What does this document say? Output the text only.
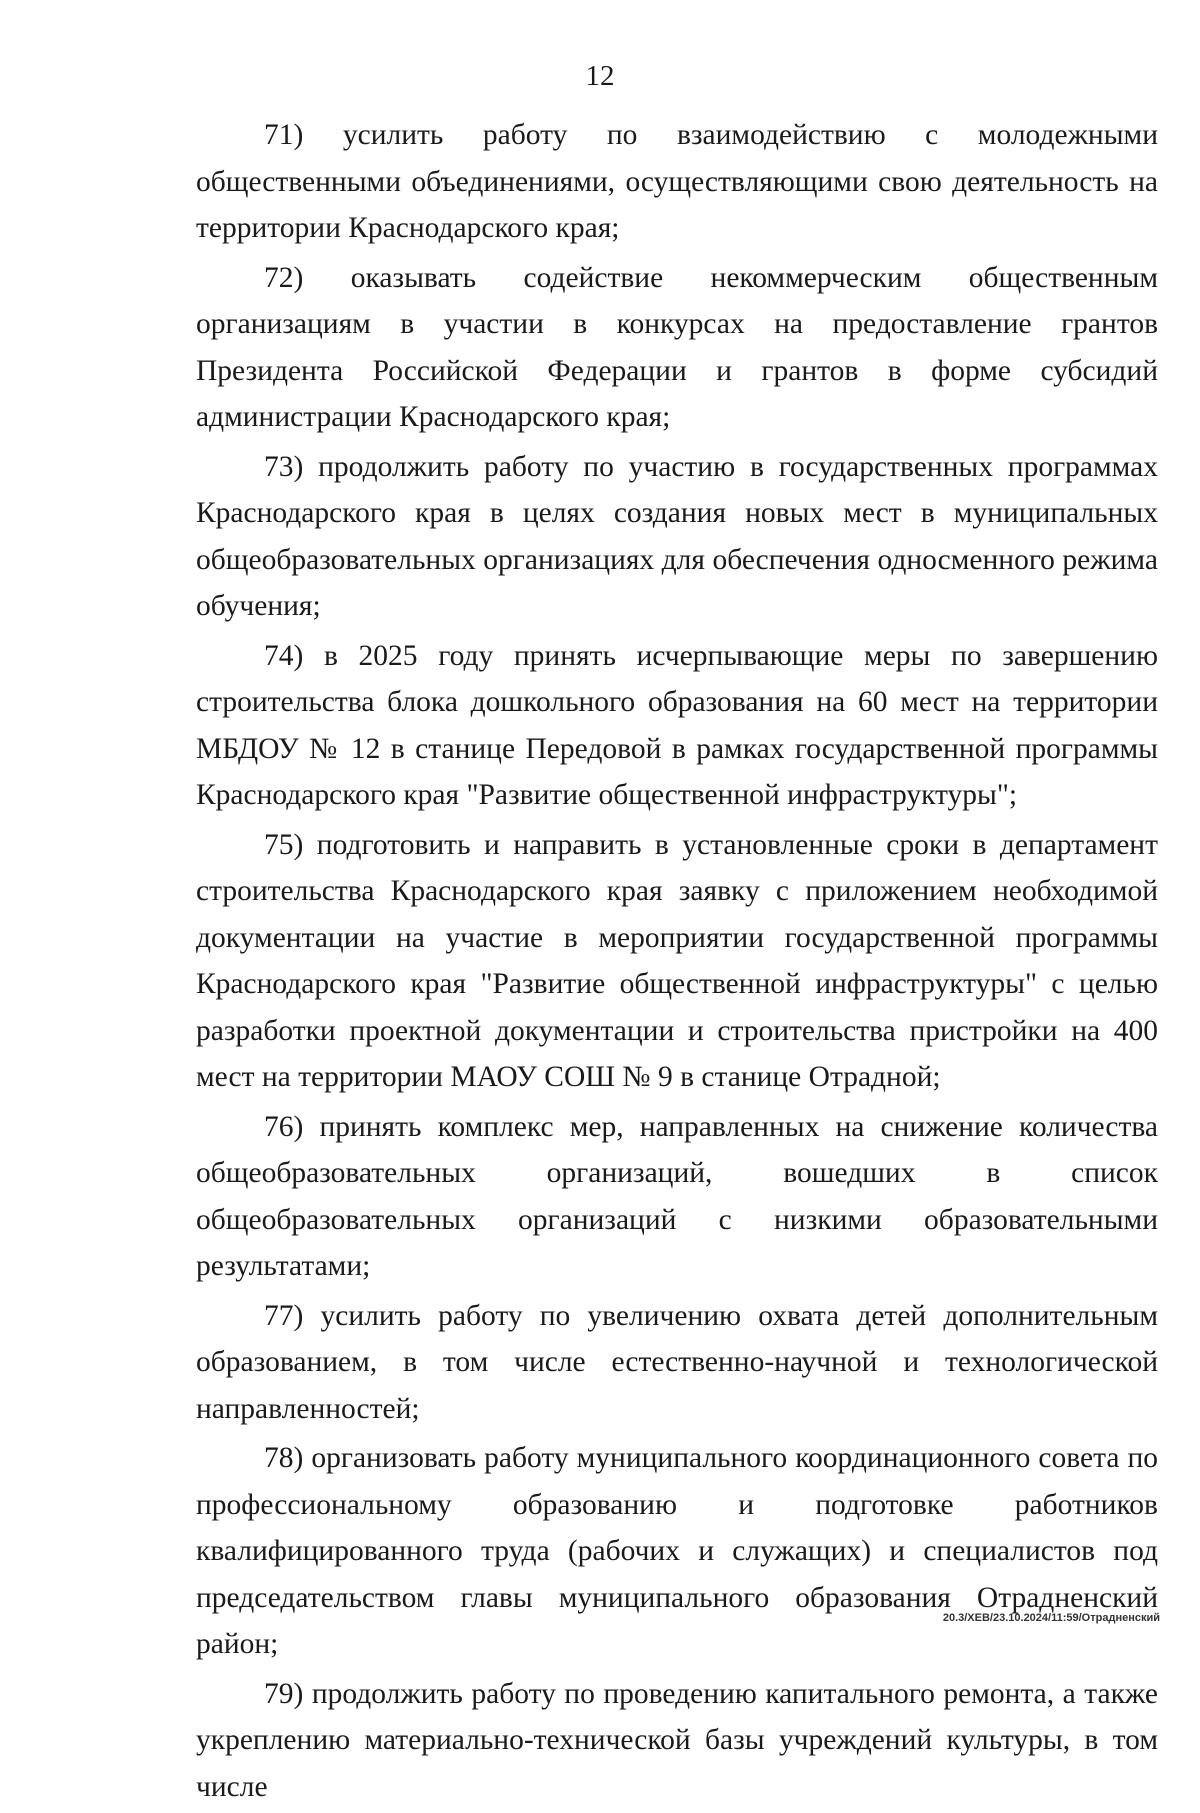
12

71) усилить работу по взаимодействию с молодежными общественными объединениями, осуществляющими свою деятельность на территории Краснодарского края;

72) оказывать содействие некоммерческим общественным организациям в участии в конкурсах на предоставление грантов Президента Российской Федерации и грантов в форме субсидий администрации Краснодарского края;

73) продолжить работу по участию в государственных программах Краснодарского края в целях создания новых мест в муниципальных общеобразовательных организациях для обеспечения односменного режима обучения;

74) в 2025 году принять исчерпывающие меры по завершению строительства блока дошкольного образования на 60 мест на территории МБДОУ № 12 в станице Передовой в рамках государственной программы Краснодарского края "Развитие общественной инфраструктуры";

75) подготовить и направить в установленные сроки в департамент строительства Краснодарского края заявку с приложением необходимой документации на участие в мероприятии государственной программы Краснодарского края "Развитие общественной инфраструктуры" с целью разработки проектной документации и строительства пристройки на 400 мест на территории МАОУ СОШ № 9 в станице Отрадной;

76) принять комплекс мер, направленных на снижение количества общеобразовательных организаций, вошедших в список общеобразовательных организаций с низкими образовательными результатами;

77) усилить работу по увеличению охвата детей дополнительным образованием, в том числе естественно-научной и технологической направленностей;

78) организовать работу муниципального координационного совета по профессиональному образованию и подготовке работников квалифицированного труда (рабочих и служащих) и специалистов под председательством главы муниципального образования Отрадненский район;

79) продолжить работу по проведению капитального ремонта, а также укреплению материально-технической базы учреждений культуры, в том числе

20.3/ХЕВ/23.10.2024/11:59/Отрадненский
